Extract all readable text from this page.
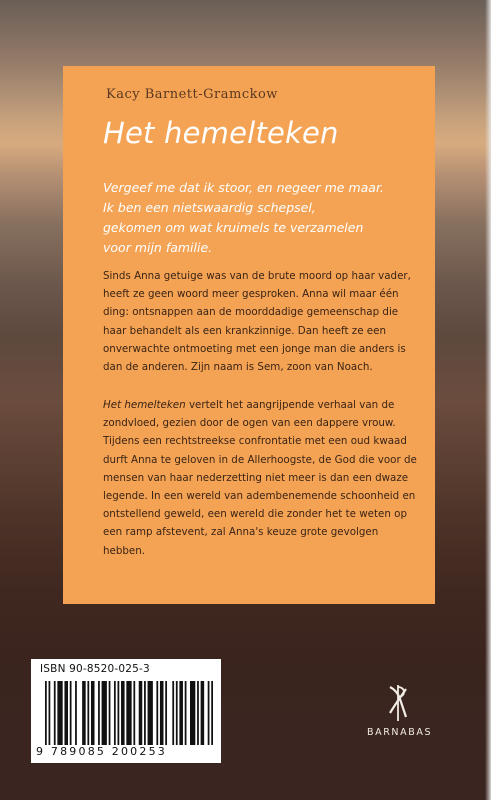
Kacy Barnett-Gramckow
Het hemelteken
Vergeef me dat ik stoor, en negeer me maar.
Ik ben een nietswaardig schepsel,
gekomen om wat kruimels te verzamelen
voor mijn familie.
Sinds Anna getuige was van de brute moord op haar vader,
heeft ze geen woord meer gesproken. Anna wil maar één
ding: ontsnappen aan de moorddadige gemeenschap die
haar behandelt als een krankzinnige. Dan heeft ze een
onverwachte ontmoeting met een jonge man die anders is
dan de anderen. Zijn naam is Sem, zoon van Noach.
Het hemelteken vertelt het aangrijpende verhaal van de
zondvloed, gezien door de ogen van een dappere vrouw.
Tijdens een rechtstreekse confrontatie met een oud kwaad
durft Anna te geloven in de Allerhoogste, de God die voor de
mensen van haar nederzetting niet meer is dan een dwaze
legende. In een wereld van adembenemende schoonheid en
ontstellend geweld, een wereld die zonder het te weten op
een ramp afstevent, zal Anna's keuze grote gevolgen
hebben.
ISBN 90-8520-025-3
9 789085 200253
BARNABAS
